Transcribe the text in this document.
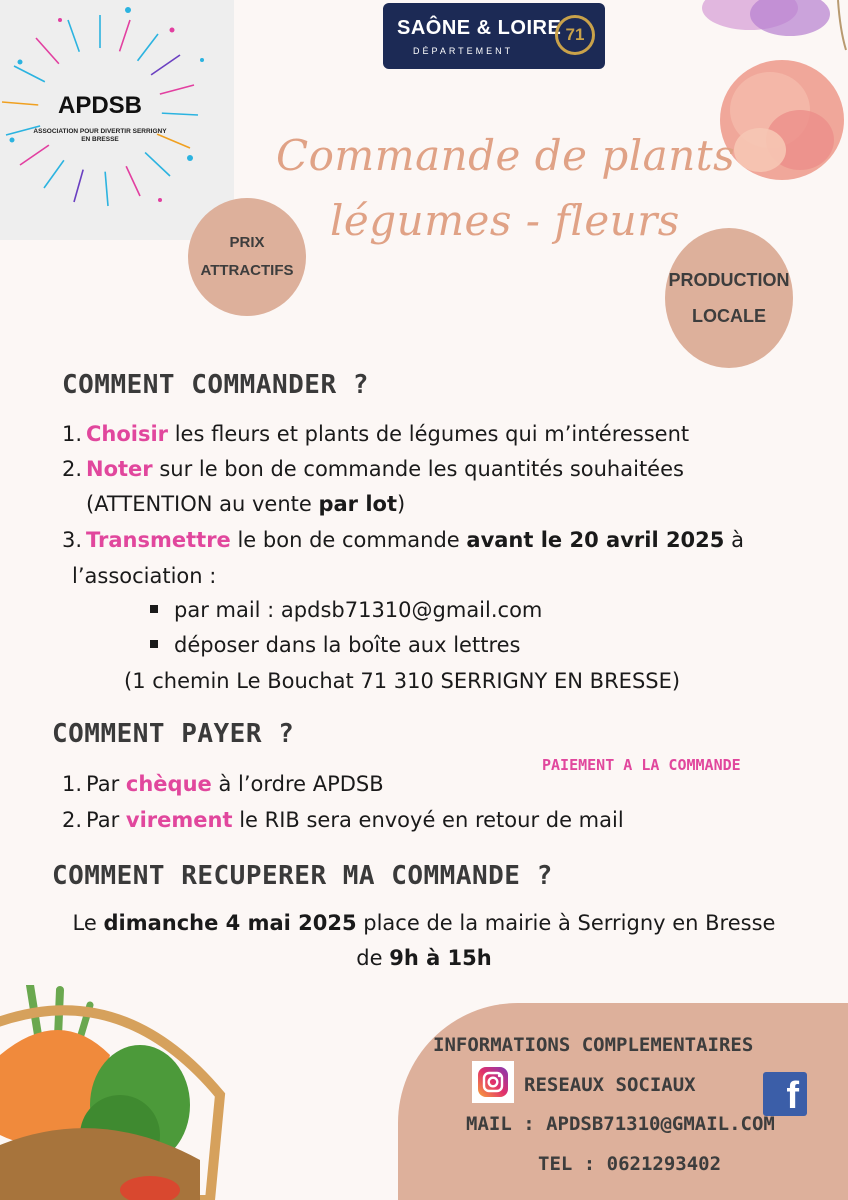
APDSB
ASSOCIATION POUR DIVERTIR SERRIGNY EN BRESSE
SAÔNE & LOIRE
DÉPARTEMENT
71
Commande de plants
légumes - fleurs
PRIX
ATTRACTIFS	PRODUCTION
LOCALE
COMMENT COMMANDER ?
1. Choisir les fleurs et plants de légumes qui m’intéressent
2. Noter sur le bon de commande les quantités souhaitées
(ATTENTION au vente par lot)
3. Transmettre le bon de commande avant le 20 avril 2025 à
l’association :
par mail : apdsb71310@gmail.com
déposer dans la boîte aux lettres
(1 chemin Le Bouchat 71 310 SERRIGNY EN BRESSE)
COMMENT PAYER ?
PAIEMENT A LA COMMANDE
1. Par chèque à l’ordre APDSB
2. Par virement le RIB sera envoyé en retour de mail
COMMENT RECUPERER MA COMMANDE ?
Le dimanche 4 mai 2025 place de la mairie à Serrigny en Bresse
de 9h à 15h
INFORMATIONS COMPLEMENTAIRES
RESEAUX SOCIAUX	f
MAIL : APDSB71310@GMAIL.COM
TEL : 0621293402
